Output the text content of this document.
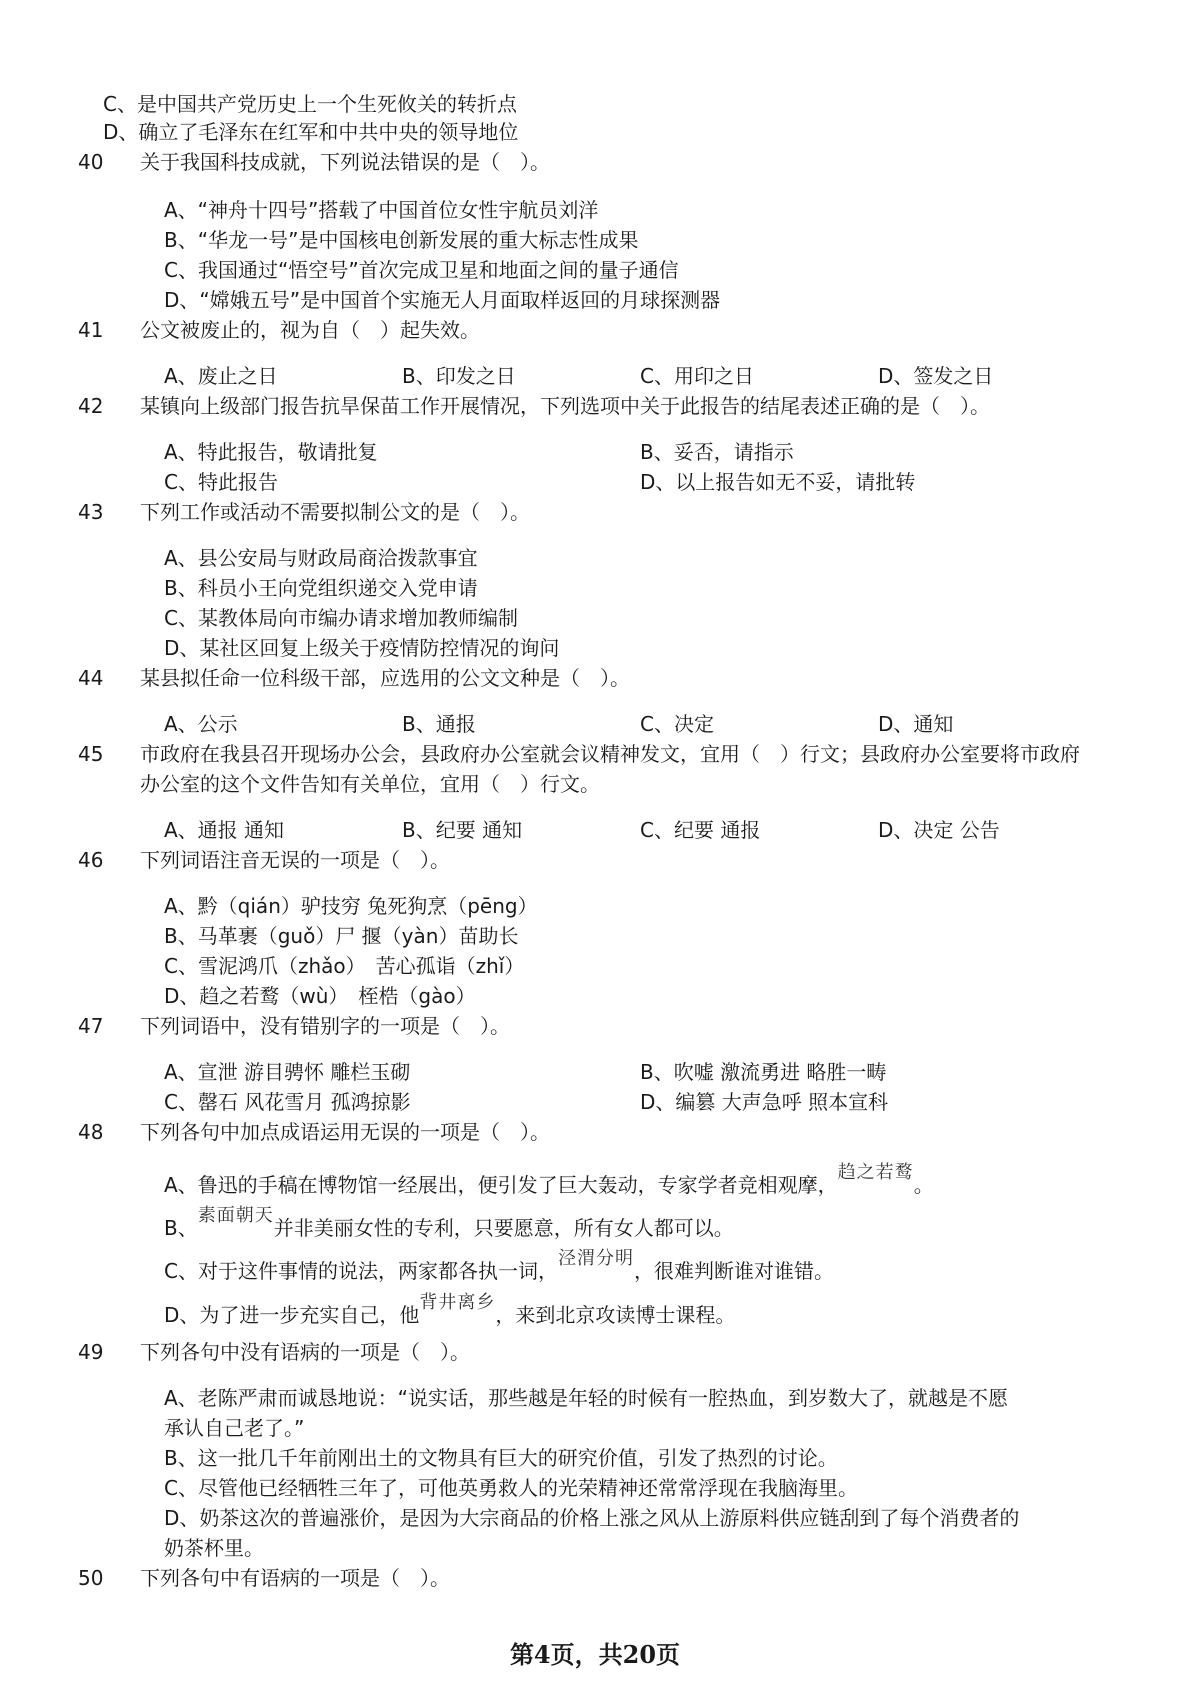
C、是中国共产党历史上一个生死攸关的转折点
D、确立了毛泽东在红军和中共中央的领导地位
40 关于我国科技成就，下列说法错误的是（　）。
A、“神舟十四号”搭载了中国首位女性宇航员刘洋
B、“华龙一号”是中国核电创新发展的重大标志性成果
C、我国通过“悟空号”首次完成卫星和地面之间的量子通信
D、“嫦娥五号”是中国首个实施无人月面取样返回的月球探测器
41 公文被废止的，视为自（　）起失效。
A、废止之日	B、印发之日	C、用印之日	D、签发之日
42 某镇向上级部门报告抗旱保苗工作开展情况，下列选项中关于此报告的结尾表述正确的是（　）。
A、特此报告，敬请批复	B、妥否，请指示
C、特此报告	D、以上报告如无不妥，请批转
43 下列工作或活动不需要拟制公文的是（　）。
A、县公安局与财政局商洽拨款事宜
B、科员小王向党组织递交入党申请
C、某教体局向市编办请求增加教师编制
D、某社区回复上级关于疫情防控情况的询问
44 某县拟任命一位科级干部，应选用的公文文种是（　）。
A、公示	B、通报	C、决定	D、通知
45 市政府在我县召开现场办公会，县政府办公室就会议精神发文，宜用（　）行文；县政府办公室要将市政府办公室的这个文件告知有关单位，宜用（　）行文。
A、通报 通知	B、纪要 通知	C、纪要 通报	D、决定 公告
46 下列词语注音无误的一项是（　）。
A、黔（qián）驴技穷 兔死狗烹（pēng）
B、马革裹（guǒ）尸 揠（yàn）苗助长
C、雪泥鸿爪（zhǎo）　苦心孤诣（zhǐ）
D、趋之若鹜（wù）　桎梏（gào）
47 下列词语中，没有错别字的一项是（　）。
A、宣泄 游目骋怀 雕栏玉砌	B、吹嘘 激流勇进 略胜一畴
C、罄石 风花雪月 孤鸿掠影	D、编篡 大声急呼 照本宣科
48 下列各句中加点成语运用无误的一项是（　）。
A、鲁迅的手稿在博物馆一经展出，便引发了巨大轰动，专家学者竞相观摩，趋之若鹜。
B、素面朝天并非美丽女性的专利，只要愿意，所有女人都可以。
C、对于这件事情的说法，两家都各执一词，泾渭分明，很难判断谁对谁错。
D、为了进一步充实自己，他背井离乡，来到北京攻读博士课程。
49 下列各句中没有语病的一项是（　）。
A、老陈严肃而诚恳地说：“说实话，那些越是年轻的时候有一腔热血，到岁数大了，就越是不愿
承认自己老了。”
B、这一批几千年前刚出土的文物具有巨大的研究价值，引发了热烈的讨论。
C、尽管他已经牺牲三年了，可他英勇救人的光荣精神还常常浮现在我脑海里。
D、奶茶这次的普遍涨价，是因为大宗商品的价格上涨之风从上游原料供应链刮到了每个消费者的
奶茶杯里。
50 下列各句中有语病的一项是（　）。
第4页，共20页
